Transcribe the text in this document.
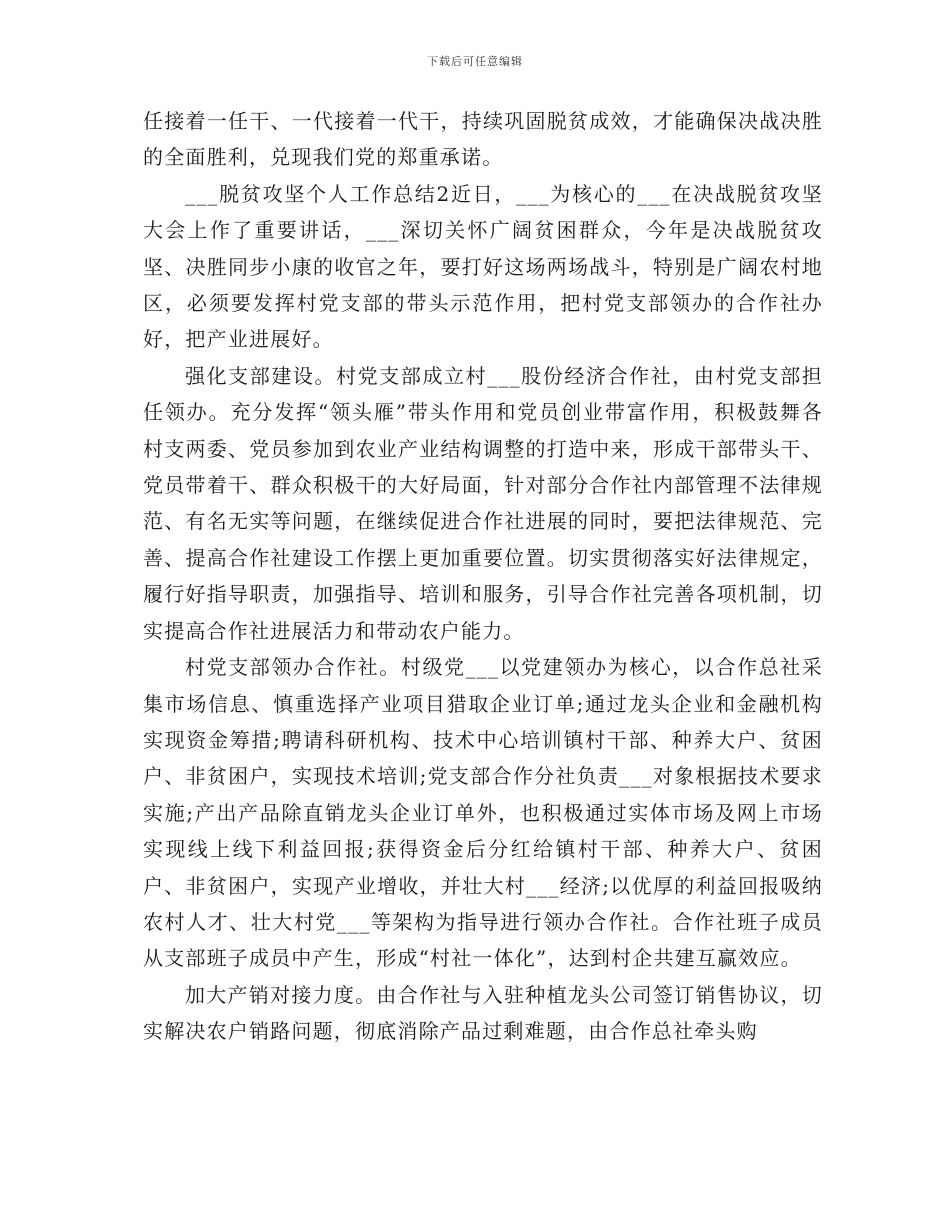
下载后可任意编辑

任接着一任干、一代接着一代干，持续巩固脱贫成效，才能确保决战决胜的全面胜利，兑现我们党的郑重承诺。

___脱贫攻坚个人工作总结2近日，___为核心的___在决战脱贫攻坚大会上作了重要讲话，___深切关怀广阔贫困群众，今年是决战脱贫攻坚、决胜同步小康的收官之年，要打好这场两场战斗，特别是广阔农村地区，必须要发挥村党支部的带头示范作用，把村党支部领办的合作社办好，把产业进展好。

强化支部建设。村党支部成立村___股份经济合作社，由村党支部担任领办。充分发挥“领头雁”带头作用和党员创业带富作用，积极鼓舞各村支两委、党员参加到农业产业结构调整的打造中来，形成干部带头干、党员带着干、群众积极干的大好局面，针对部分合作社内部管理不法律规范、有名无实等问题，在继续促进合作社进展的同时，要把法律规范、完善、提高合作社建设工作摆上更加重要位置。切实贯彻落实好法律规定，履行好指导职责，加强指导、培训和服务，引导合作社完善各项机制，切实提高合作社进展活力和带动农户能力。

村党支部领办合作社。村级党___以党建领办为核心，以合作总社采集市场信息、慎重选择产业项目猎取企业订单;通过龙头企业和金融机构实现资金筹措;聘请科研机构、技术中心培训镇村干部、种养大户、贫困户、非贫困户，实现技术培训;党支部合作分社负责___对象根据技术要求实施;产出产品除直销龙头企业订单外，也积极通过实体市场及网上市场实现线上线下利益回报;获得资金后分红给镇村干部、种养大户、贫困户、非贫困户，实现产业增收，并壮大村___经济;以优厚的利益回报吸纳农村人才、壮大村党___等架构为指导进行领办合作社。合作社班子成员从支部班子成员中产生，形成“村社一体化”，达到村企共建互赢效应。

加大产销对接力度。由合作社与入驻种植龙头公司签订销售协议，切实解决农户销路问题，彻底消除产品过剩难题，由合作总社牵头购
